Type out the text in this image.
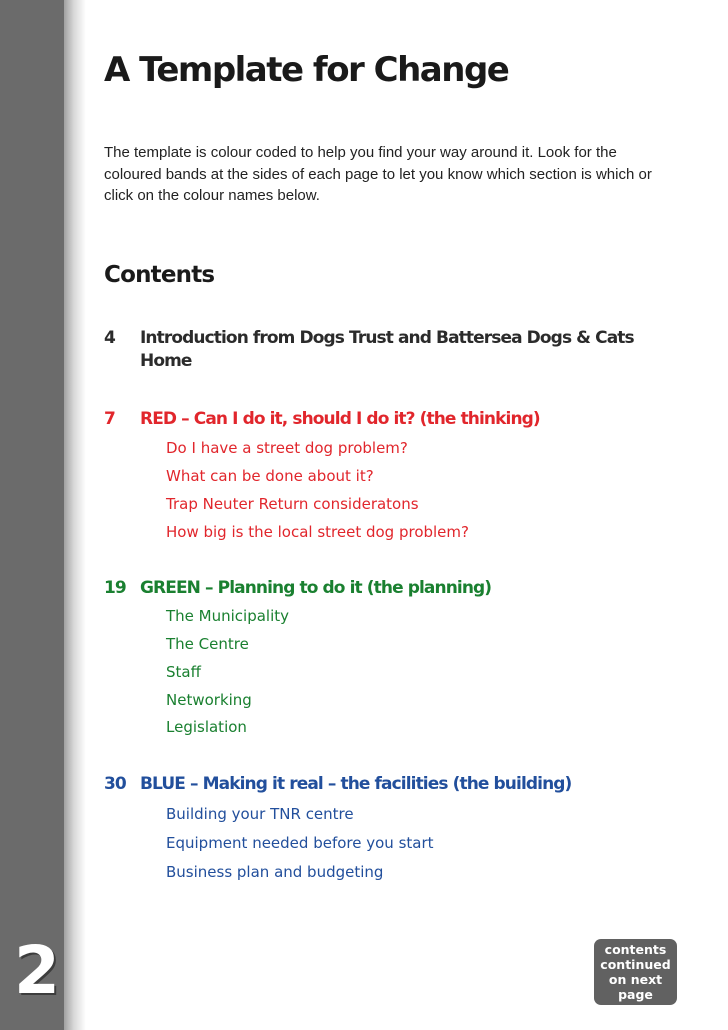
2
A Template for Change

The template is colour coded to help you find your way around it. Look for the coloured bands at the sides of each page to let you know which section is which or click on the colour names below.

Contents
4 Introduction from Dogs Trust and Battersea Dogs & Cats
Home
7 RED – Can I do it, should I do it? (the thinking)
Do I have a street dog problem?
What can be done about it?
Trap Neuter Return consideratons
How big is the local street dog problem?
19 GREEN – Planning to do it (the planning)
The Municipality
The Centre
Staff
Networking
Legislation
30 BLUE – Making it real – the facilities (the building)
Building your TNR centre
Equipment needed before you start
Business plan and budgeting
contents
continued
on next
page
